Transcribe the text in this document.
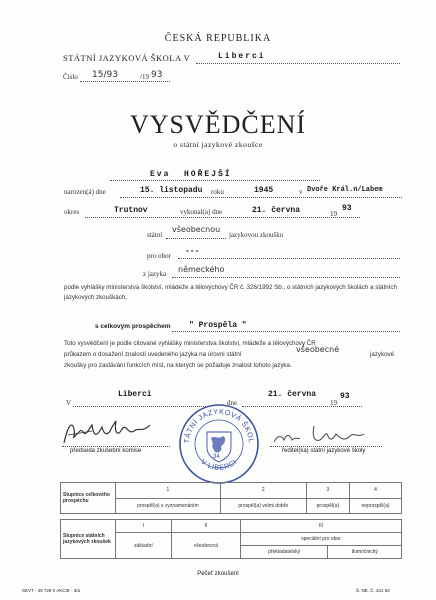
ČESKÁ REPUBLIKA
STÁTNÍ JAZYKOVÁ ŠKOLA V	Liberci
Číslo 15/93	/19 93
VYSVĚDČENÍ
o státní jazykové zkoušce
Eva  HOŘEJŠÍ
narozen(á) dne	15. listopadu roku	1945	v Dvoře Král.n/Labem
okres	Trutnov	vykonal(a) dne	21. června	19
93
státní
všeobecnou
jazykovou zkoušku
pro obor ---
z jazyka německého
podle vyhlášky ministerstva školství, mládeže a tělovýchovy ČR č. 326/1992 Sb., o státních jazykových školách a státních jazykových zkouškách,
s celkovým prospěchem " Prospěla "
Toto vysvědčení je podle citované vyhlášky ministerstva školství, mládeže a tělovýchovy ČR
průkazem o dosažení znalosti uvedeného jazyka na úrovni státní
všeobecné
jazykové
zkoušky pro zastávání funkcích míst, na kterých se požaduje znalost tohoto jazyka.
V
Liberci
dne
21. června
19
93
předseda zkušební komise
TÁTNÍ JAZYKOVÁ ŠKOL
V LIBERCI
34
ředitel(ka) státní jazykové školy
Stupnice celkového prospěchu	1	2	3	4
	prospěl(a) s vyznamenáním	prospěl(a) velmi dobře	prospěl(a)	neprospěl(a)
Stupnice státních jazykových zkoušek	I	II	III	
	základní	všeobecná	speciální pro obor	
			překladatelský	tlumočnický
Pečeť zkoušení
SEVT · 49 726 0 AKCIE · 3/a	Š. NE. Č. 341 92
